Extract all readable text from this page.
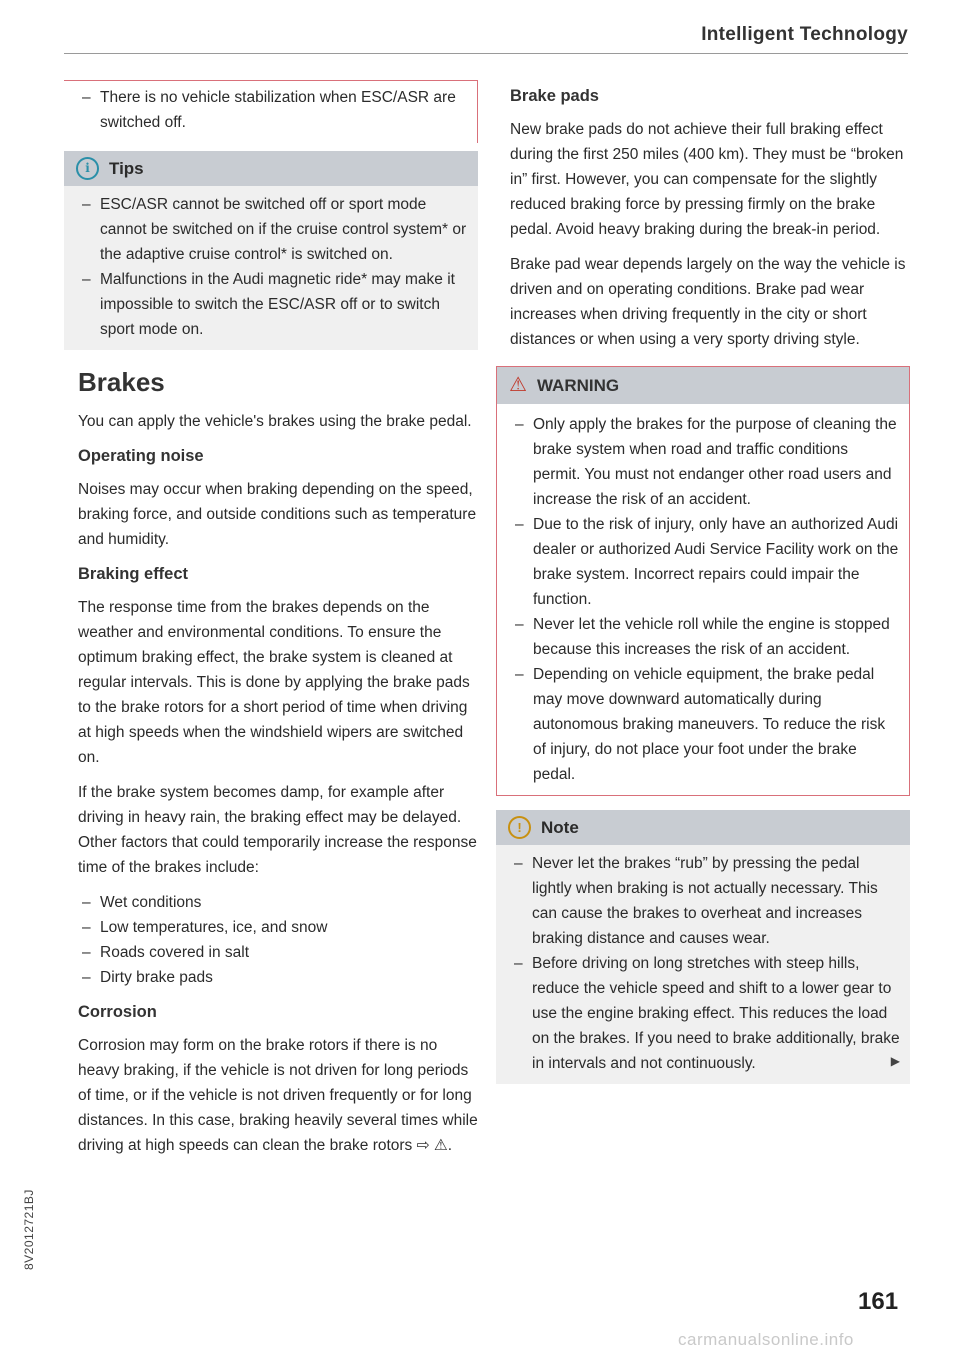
Intelligent Technology
– There is no vehicle stabilization when ESC/ASR are switched off.
i	Tips
– ESC/ASR cannot be switched off or sport mode cannot be switched on if the cruise control system* or the adaptive cruise control* is switched on.
– Malfunctions in the Audi magnetic ride* may make it impossible to switch the ESC/ASR off or to switch sport mode on.
Brakes

You can apply the vehicle's brakes using the brake pedal.

Operating noise

Noises may occur when braking depending on the speed, braking force, and outside conditions such as temperature and humidity.

Braking effect

The response time from the brakes depends on the weather and environmental conditions. To ensure the optimum braking effect, the brake system is cleaned at regular intervals. This is done by applying the brake pads to the brake rotors for a short period of time when driving at high speeds when the windshield wipers are switched on.

If the brake system becomes damp, for example after driving in heavy rain, the braking effect may be delayed. Other factors that could temporarily increase the response time of the brakes include:

– Wet conditions
– Low temperatures, ice, and snow
– Roads covered in salt
– Dirty brake pads
Corrosion

Corrosion may form on the brake rotors if there is no heavy braking, if the vehicle is not driven for long periods of time, or if the vehicle is not driven frequently or for long distances. In this case, braking heavily several times while driving at high speeds can clean the brake rotors ⇨ ⚠.

Brake pads

New brake pads do not achieve their full braking effect during the first 250 miles (400 km). They must be “broken in” first. However, you can compensate for the slightly reduced braking force by pressing firmly on the brake pedal. Avoid heavy braking during the break-in period.

Brake pad wear depends largely on the way the vehicle is driven and on operating conditions. Brake pad wear increases when driving frequently in the city or short distances or when using a very sporty driving style.

⚠ WARNING
– Only apply the brakes for the purpose of cleaning the brake system when road and traffic conditions permit. You must not endanger other road users and increase the risk of an accident.
– Due to the risk of injury, only have an authorized Audi dealer or authorized Audi Service Facility work on the brake system. Incorrect repairs could impair the function.
– Never let the vehicle roll while the engine is stopped because this increases the risk of an accident.
– Depending on vehicle equipment, the brake pedal may move downward automatically during autonomous braking maneuvers. To reduce the risk of injury, do not place your foot under the brake pedal.
!	Note
– Never let the brakes “rub” by pressing the pedal lightly when braking is not actually necessary. This can cause the brakes to overheat and increases braking distance and causes wear.
– Before driving on long stretches with steep hills, reduce the vehicle speed and shift to a lower gear to use the engine braking effect. This reduces the load on the brakes. If you need to brake additionally, brake in intervals and not continuously.	▶
161
8V2012721BJ
carmanualsonline.info
